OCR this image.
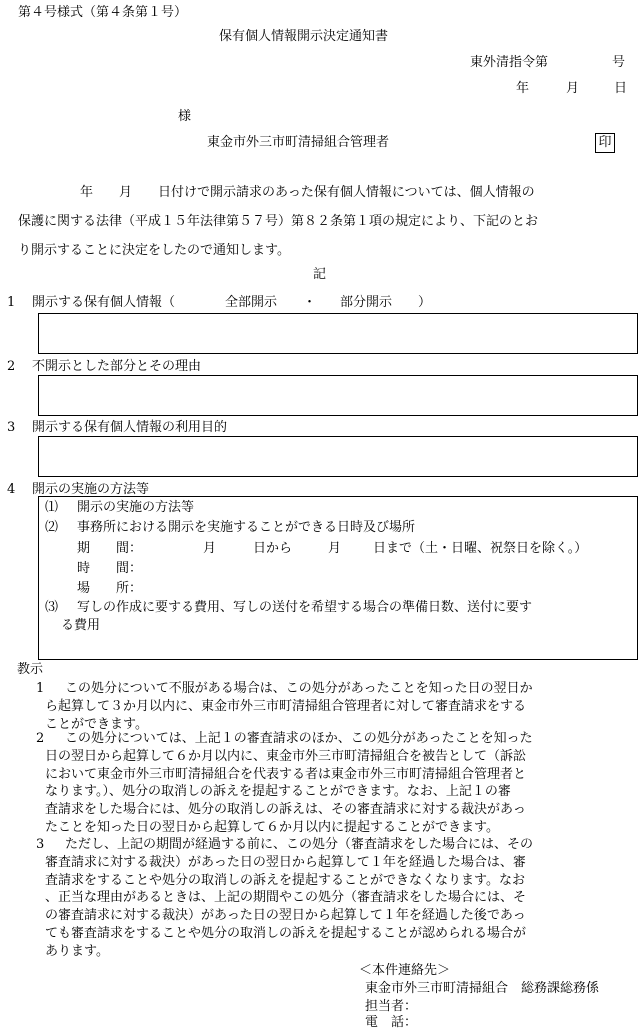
第４号様式（第４条第１号）
保有個人情報開示決定通知書
東外清指令第	号
年	月	日
様
東金市外三市町清掃組合管理者	印
年　　月　　日付けで開示請求のあった保有個人情報については、個人情報の
保護に関する法律（平成１５年法律第５７号）第８２条第１項の規定により、下記のとお
り開示することに決定をしたので通知します。
記
1 開示する保有個人情報（	全部開示 ・ 部分開示 ）
2 不開示とした部分とその理由
3 開示する保有個人情報の利用目的
4 開示の実施の方法等
⑴ 開示の実施の方法等
⑵ 事務所における開示を実施することができる日時及び場所
期　　間：	月	日から	月 日まで（土・日曜、祝祭日を除く。）
時　　間：
場　　所：
⑶ 写しの作成に要する費用、写しの送付を希望する場合の準備日数、送付に要す
る費用
教示
1	この処分について不服がある場合は、この処分があったことを知った日の翌日か
ら起算して３か月以内に、東金市外三市町清掃組合管理者に対して審査請求をする
ことができます。
2	この処分については、上記１の審査請求のほか、この処分があったことを知った
日の翌日から起算して６か月以内に、東金市外三市町清掃組合を被告として（訴訟
において東金市外三市町清掃組合を代表する者は東金市外三市町清掃組合管理者と
なります。）、処分の取消しの訴えを提起することができます。なお、上記１の審
査請求をした場合には、処分の取消しの訴えは、その審査請求に対する裁決があっ
たことを知った日の翌日から起算して６か月以内に提起することができます。
3	ただし、上記の期間が経過する前に、この処分（審査請求をした場合には、その
審査請求に対する裁決）があった日の翌日から起算して１年を経過した場合は、審
査請求をすることや処分の取消しの訴えを提起することができなくなります。なお
、正当な理由があるときは、上記の期間やこの処分（審査請求をした場合には、そ
の審査請求に対する裁決）があった日の翌日から起算して１年を経過した後であっ
ても審査請求をすることや処分の取消しの訴えを提起することが認められる場合が
あります。
＜本件連絡先＞
東金市外三市町清掃組合　総務課総務係
担当者：
電　話：
